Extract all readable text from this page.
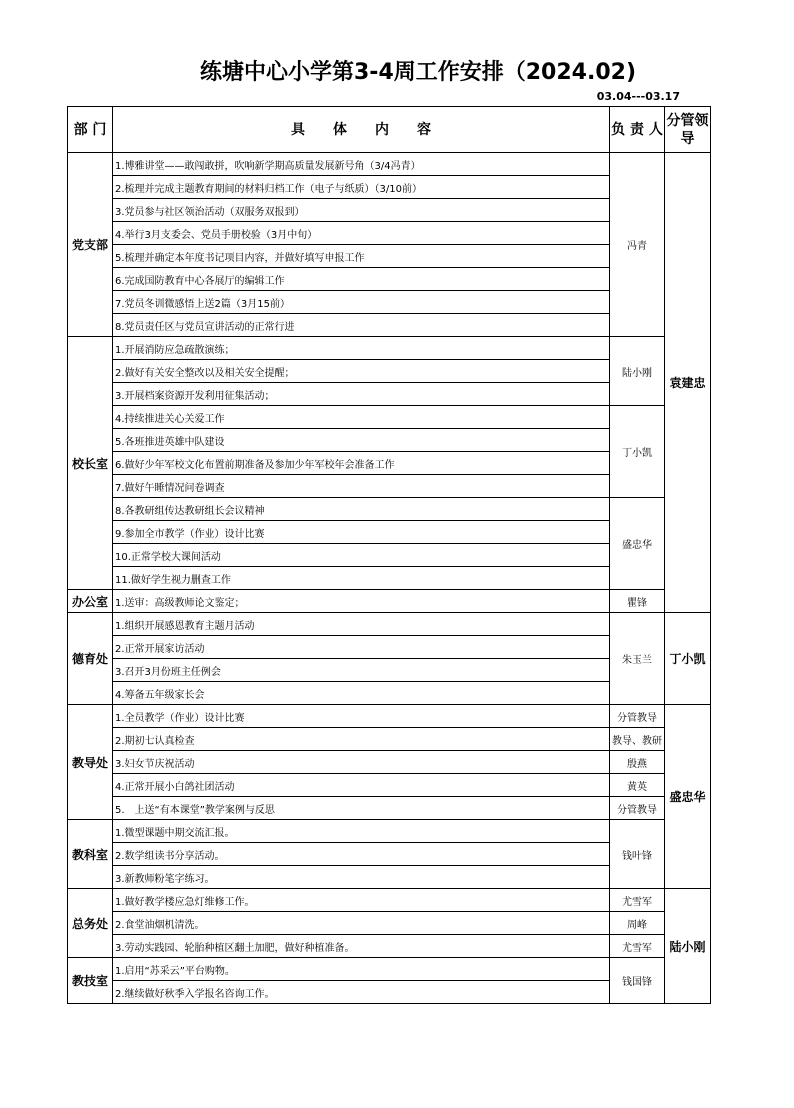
练塘中心小学第3-4周工作安排（2024.02)
03.04---03.17
部 门	具　　体　　内　　容	负 责 人	分管领导
党支部	1.博雅讲堂——敢闯敢拼，吹响新学期高质量发展新号角（3/4冯青）	冯青	袁建忠
	2.梳理并完成主题教育期间的材料归档工作（电子与纸质）（3/10前）		
	3.党员参与社区领治活动（双服务双报到）		
	4.举行3月支委会、党员手册校验（3月中旬）		
	5.梳理并确定本年度书记项目内容，并做好填写申报工作		
	6.完成国防教育中心各展厅的编辑工作		
	7.党员冬训微感悟上送2篇（3月15前）		
	8.党员责任区与党员宣讲活动的正常行进		
校长室	1.开展消防应急疏散演练；	陆小刚	
	2.做好有关安全整改以及相关安全提醒；		
	3.开展档案资源开发利用征集活动；		
	4.持续推进关心关爱工作	丁小凯	
	5.各班推进英雄中队建设		
	6.做好少年军校文化布置前期准备及参加少年军校年会准备工作		
	7.做好午睡情况问卷调查		
	8.各教研组传达教研组长会议精神	盛忠华	
	9.参加全市教学（作业）设计比赛		
	10.正常学校大课间活动		
	11.做好学生视力删查工作		
办公室	1.送审：高级教师论文鉴定；	瞿锋	
德育处	1.组织开展感恩教育主题月活动	朱玉兰	丁小凯
	2.正常开展家访活动		
	3.召开3月份班主任例会		
	4.筹备五年级家长会		
教导处	1.全员教学（作业）设计比赛	分管教导	盛忠华
	2.期初七认真检查	教导、教研	
	3.妇女节庆祝活动	殷燕	
	4.正常开展小白鸽社团活动	黄英	
	5.　上送“有本课堂”教学案例与反思	分管教导	
教科室	1.微型课题中期交流汇报。	钱叶锋	
	2.数学组读书分享活动。		
	3.新教师粉笔字练习。		
总务处	1.做好教学楼应急灯维修工作。	尤雪军	陆小刚
	2.食堂油烟机清洗。	周峰	
	3.劳动实践园、轮胎种植区翻土加肥，做好种植准备。	尤雪军	
教技室	1.启用“苏采云”平台购物。	钱国锋	
	2.继续做好秋季入学报名咨询工作。		
